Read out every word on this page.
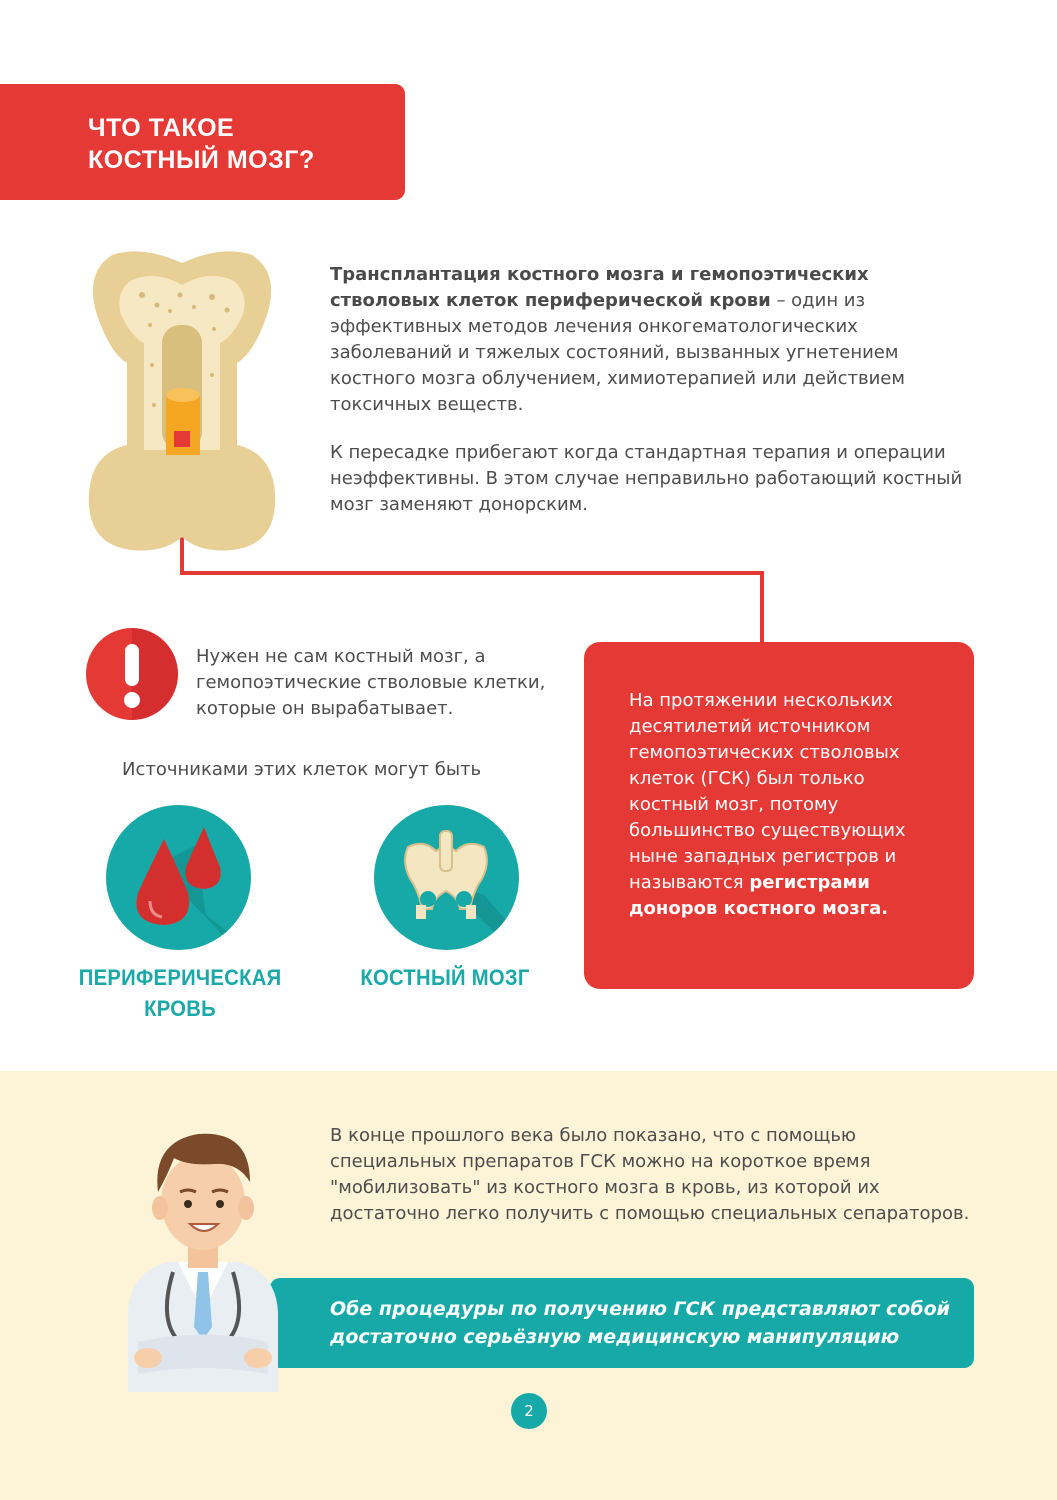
ЧТО ТАКОЕ
КОСТНЫЙ МОЗГ?

Трансплантация костного мозга и гемопоэтических стволовых клеток периферической крови – один из эффективных методов лечения онкогематологических заболеваний и тяжелых состояний, вызванных угнетением костного мозга облучением, химиотерапией или действием токсичных веществ.

К пересадке прибегают когда стандартная терапия и операции неэффективны. В этом случае неправильно работающий костный мозг заменяют донорским.

Нужен не сам костный мозг, а гемопоэтические стволовые клетки, которые он вырабатывает.
Источниками этих клеток могут быть
ПЕРИФЕРИЧЕСКАЯ
КРОВЬ
КОСТНЫЙ МОЗГ
На протяжении нескольких десятилетий источником гемопоэтических стволовых клеток (ГСК) был только костный мозг, потому большинство существующих ныне западных регистров и называются регистрами доноров костного мозга.
В конце прошлого века было показано, что с помощью специальных препаратов ГСК можно на короткое время "мобилизовать" из костного мозга в кровь, из которой их достаточно легко получить с помощью специальных сепараторов.
Обе процедуры по получению ГСК представляют собой достаточно серьёзную медицинскую манипуляцию
2
